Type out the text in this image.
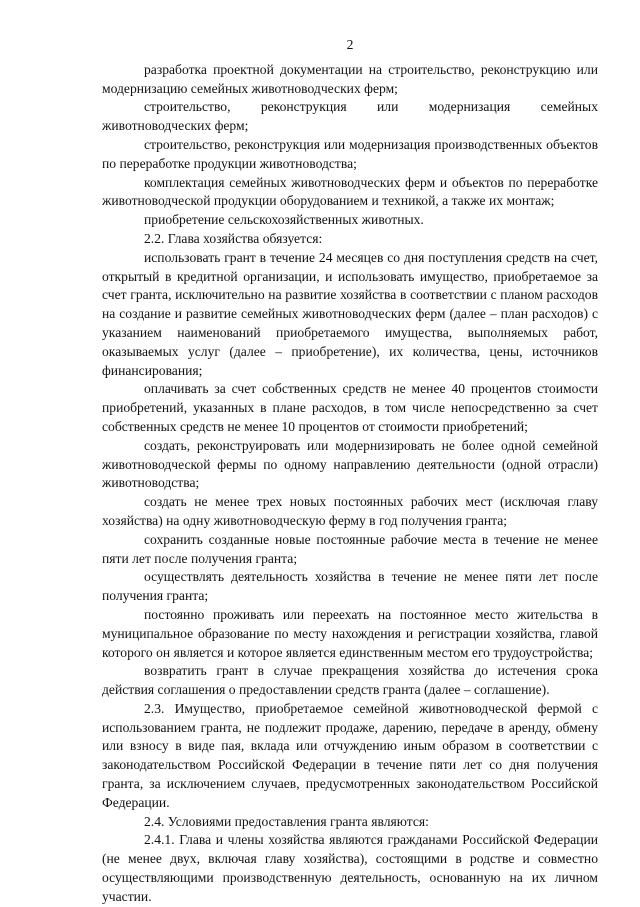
2

разработка проектной документации на строительство, реконструкцию или модернизацию семейных животноводческих ферм;

строительство, реконструкция или модернизация семейных животноводческих ферм;

строительство, реконструкция или модернизация производственных объектов по переработке продукции животноводства;

комплектация семейных животноводческих ферм и объектов по переработке животноводческой продукции оборудованием и техникой, а также их монтаж;

приобретение сельскохозяйственных животных.

2.2. Глава хозяйства обязуется:

использовать грант в течение 24 месяцев со дня поступления средств на счет, открытый в кредитной организации, и использовать имущество, приобретаемое за счет гранта, исключительно на развитие хозяйства в соответствии с планом расходов на создание и развитие семейных животноводческих ферм (далее – план расходов) с указанием наименований приобретаемого имущества, выполняемых работ, оказываемых услуг (далее – приобретение), их количества, цены, источников финансирования;

оплачивать за счет собственных средств не менее 40 процентов стоимости приобретений, указанных в плане расходов, в том числе непосредственно за счет собственных средств не менее 10 процентов от стоимости приобретений;

создать, реконструировать или модернизировать не более одной семейной животноводческой фермы по одному направлению деятельности (одной отрасли) животноводства;

создать не менее трех новых постоянных рабочих мест (исключая главу хозяйства) на одну животноводческую ферму в год получения гранта;

сохранить созданные новые постоянные рабочие места в течение не менее пяти лет после получения гранта;

осуществлять деятельность хозяйства в течение не менее пяти лет после получения гранта;

постоянно проживать или переехать на постоянное место жительства в муниципальное образование по месту нахождения и регистрации хозяйства, главой которого он является и которое является единственным местом его трудоустройства;

возвратить грант в случае прекращения хозяйства до истечения срока действия соглашения о предоставлении средств гранта (далее – соглашение).

2.3. Имущество, приобретаемое семейной животноводческой фермой с использованием гранта, не подлежит продаже, дарению, передаче в аренду, обмену или взносу в виде пая, вклада или отчуждению иным образом в соответствии с законодательством Российской Федерации в течение пяти лет со дня получения гранта, за исключением случаев, предусмотренных законодательством Российской Федерации.

2.4. Условиями предоставления гранта являются:

2.4.1. Глава и члены хозяйства являются гражданами Российской Федерации (не менее двух, включая главу хозяйства), состоящими в родстве и совместно осуществляющими производственную деятельность, основанную на их личном участии.
